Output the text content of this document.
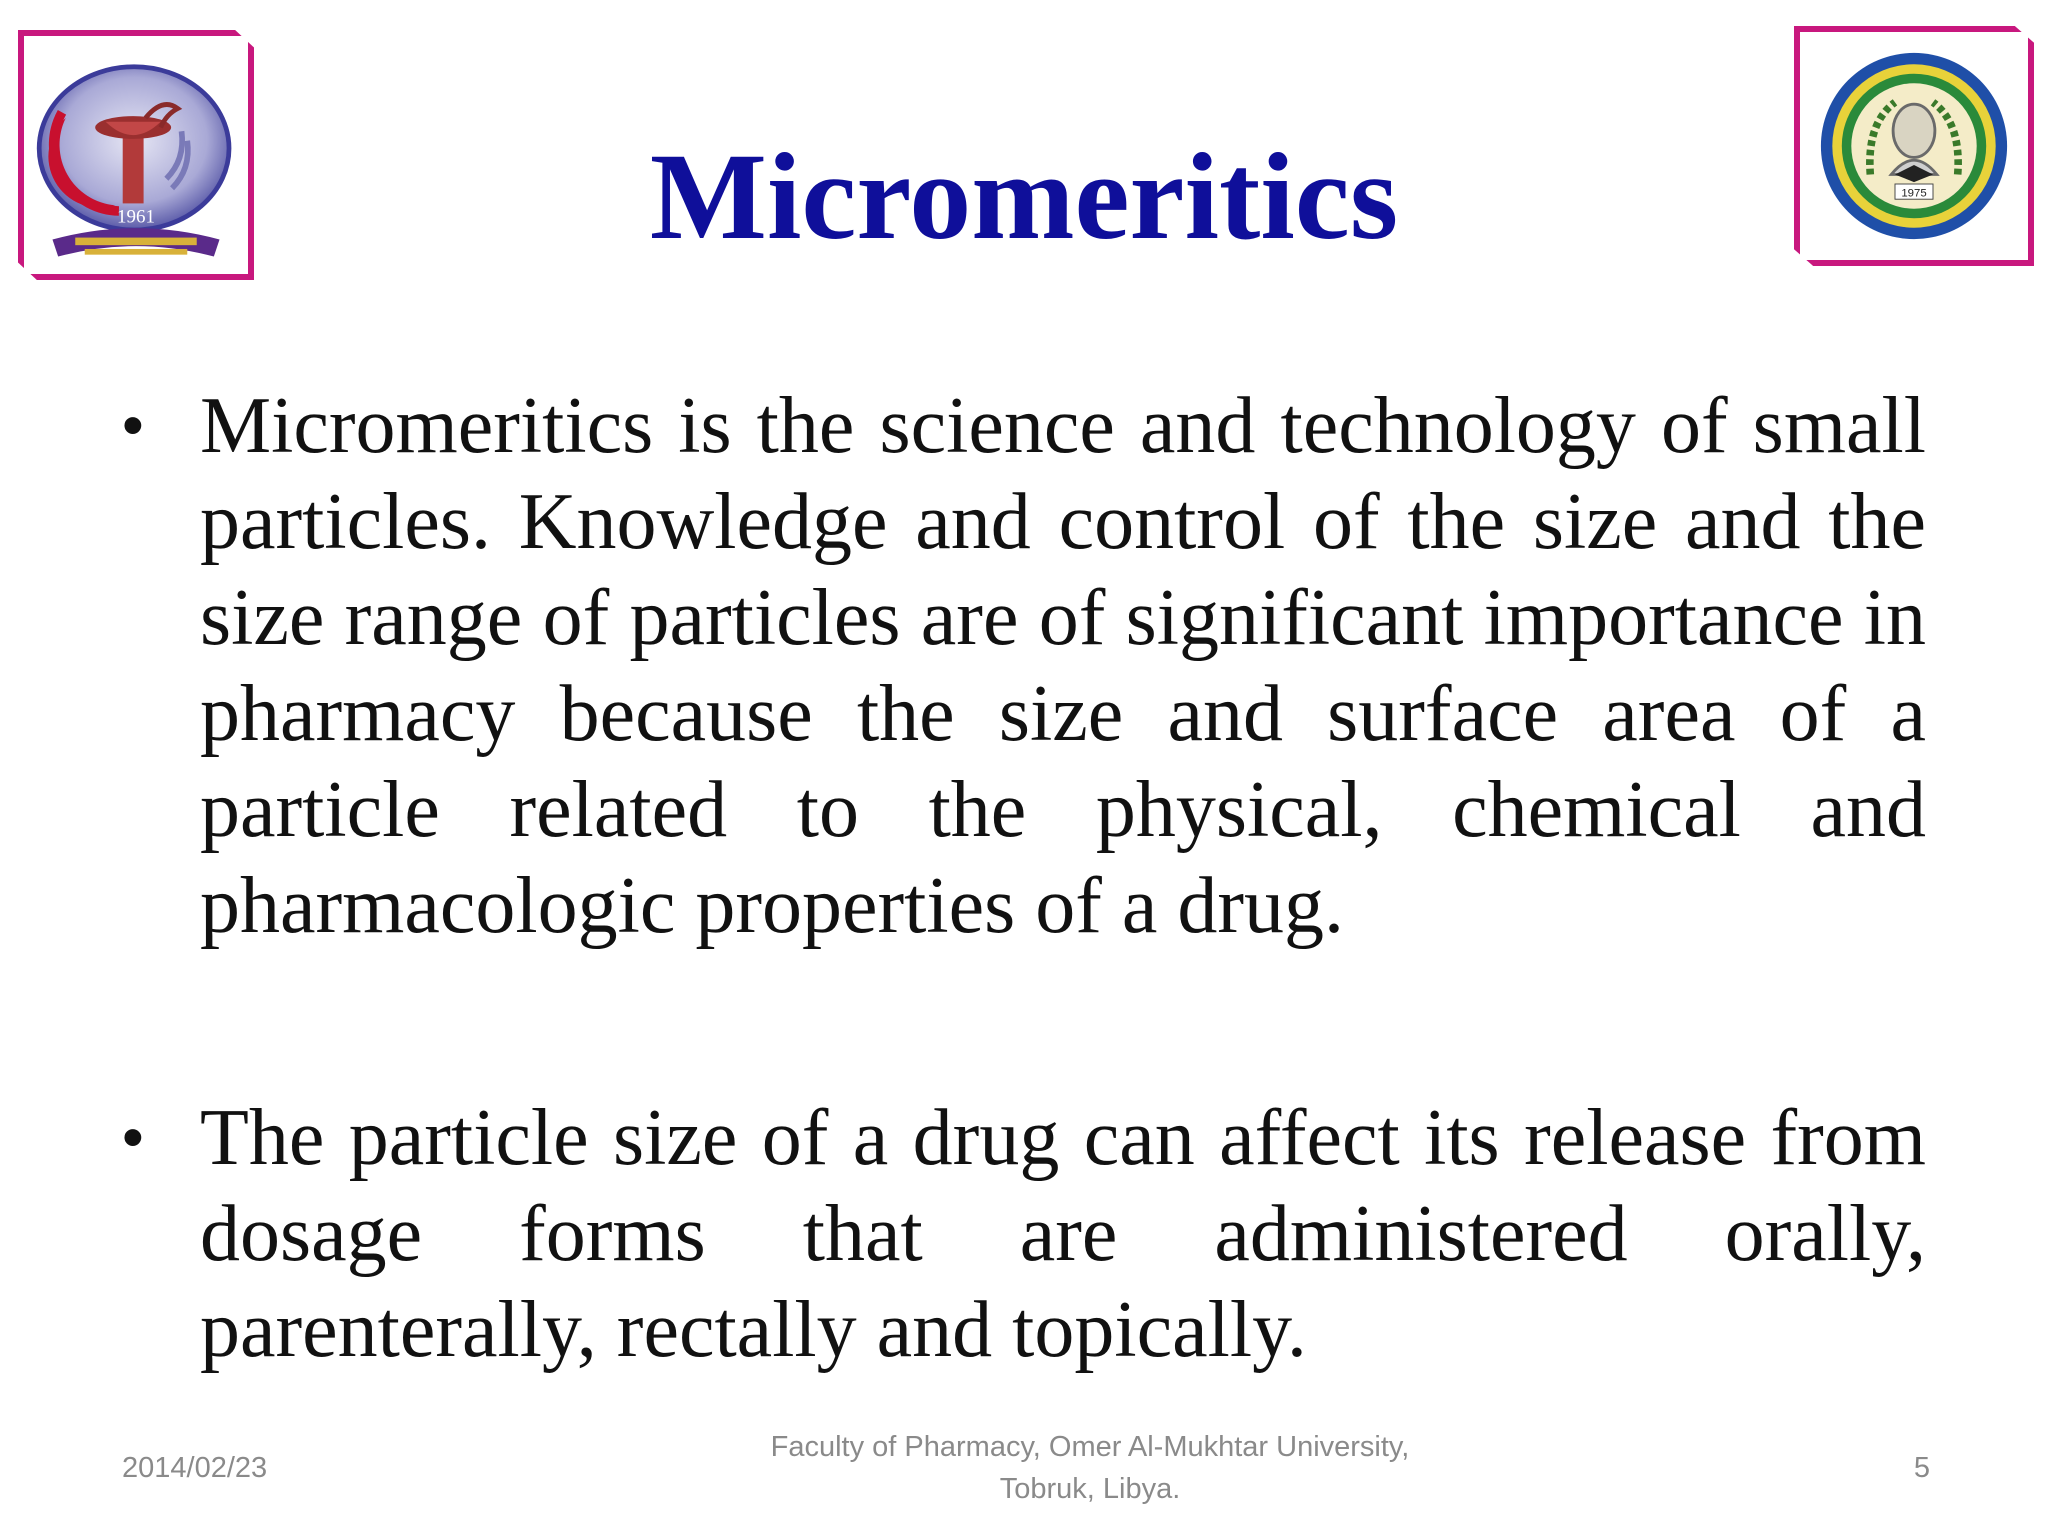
1961
1975
Micromeritics
• Micromeritics is the science and technology of small particles. Knowledge and control of the size and the size range of particles are of significant importance in pharmacy because the size and surface area of a particle related to the physical, chemical and pharmacologic properties of a drug.

• The particle size of a drug can affect its release from dosage forms that are administered orally, parenterally, rectally and topically.

2014/02/23
Faculty of Pharmacy, Omer Al-Mukhtar University,
Tobruk, Libya.
5
